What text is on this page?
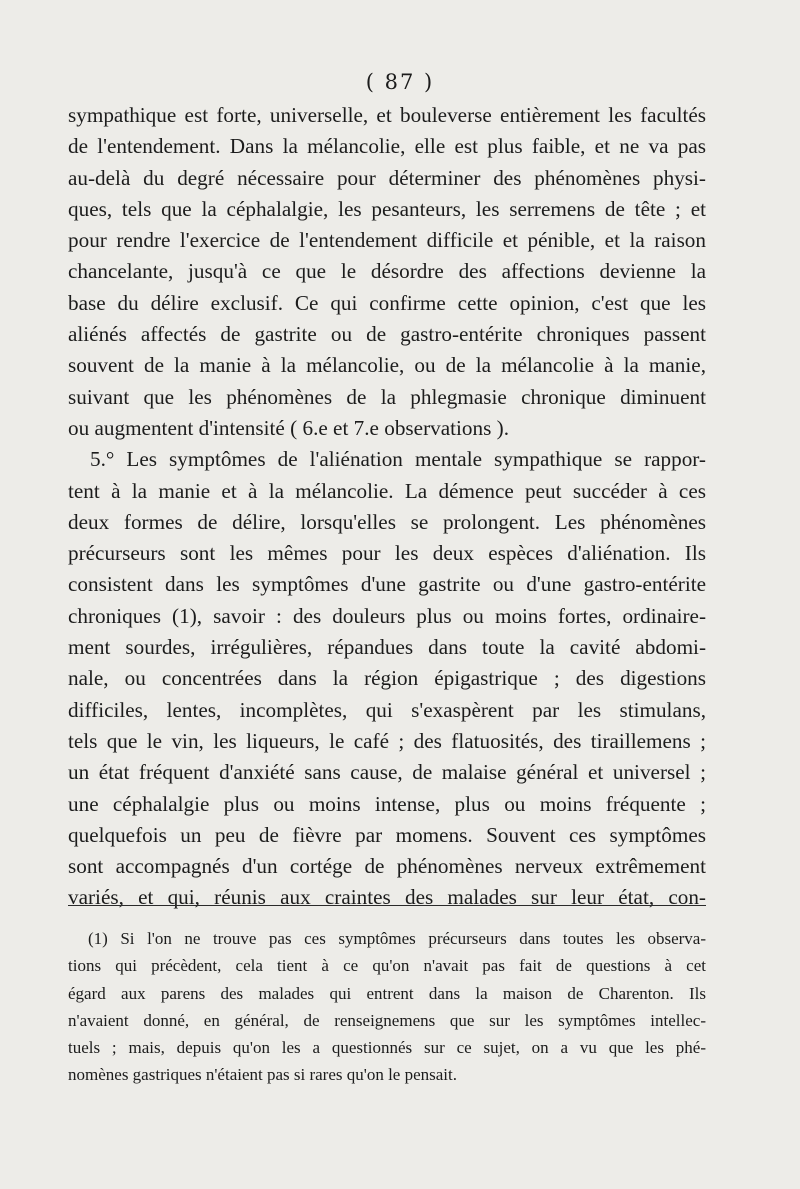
( 87 )
sympathique est forte, universelle, et bouleverse entièrement les facultés
de l'entendement. Dans la mélancolie, elle est plus faible, et ne va pas
au-delà du degré nécessaire pour déterminer des phénomènes physi-
ques, tels que la céphalalgie, les pesanteurs, les serremens de tête ; et
pour rendre l'exercice de l'entendement difficile et pénible, et la raison
chancelante, jusqu'à ce que le désordre des affections devienne la
base du délire exclusif. Ce qui confirme cette opinion, c'est que les
aliénés affectés de gastrite ou de gastro-entérite chroniques passent
souvent de la manie à la mélancolie, ou de la mélancolie à la manie,
suivant que les phénomènes de la phlegmasie chronique diminuent
ou augmentent d'intensité ( 6.e et 7.e observations ).
5.° Les symptômes de l'aliénation mentale sympathique se rappor-
tent à la manie et à la mélancolie. La démence peut succéder à ces
deux formes de délire, lorsqu'elles se prolongent. Les phénomènes
précurseurs sont les mêmes pour les deux espèces d'aliénation. Ils
consistent dans les symptômes d'une gastrite ou d'une gastro-entérite
chroniques (1), savoir : des douleurs plus ou moins fortes, ordinaire-
ment sourdes, irrégulières, répandues dans toute la cavité abdomi-
nale, ou concentrées dans la région épigastrique ; des digestions
difficiles, lentes, incomplètes, qui s'exaspèrent par les stimulans,
tels que le vin, les liqueurs, le café ; des flatuosités, des tiraillemens ;
un état fréquent d'anxiété sans cause, de malaise général et universel ;
une céphalalgie plus ou moins intense, plus ou moins fréquente ;
quelquefois un peu de fièvre par momens. Souvent ces symptômes
sont accompagnés d'un cortége de phénomènes nerveux extrêmement
variés, et qui, réunis aux craintes des malades sur leur état, con-
(1) Si l'on ne trouve pas ces symptômes précurseurs dans toutes les observa-
tions qui précèdent, cela tient à ce qu'on n'avait pas fait de questions à cet
égard aux parens des malades qui entrent dans la maison de Charenton. Ils
n'avaient donné, en général, de renseignemens que sur les symptômes intellec-
tuels ; mais, depuis qu'on les a questionnés sur ce sujet, on a vu que les phé-
nomènes gastriques n'étaient pas si rares qu'on le pensait.
